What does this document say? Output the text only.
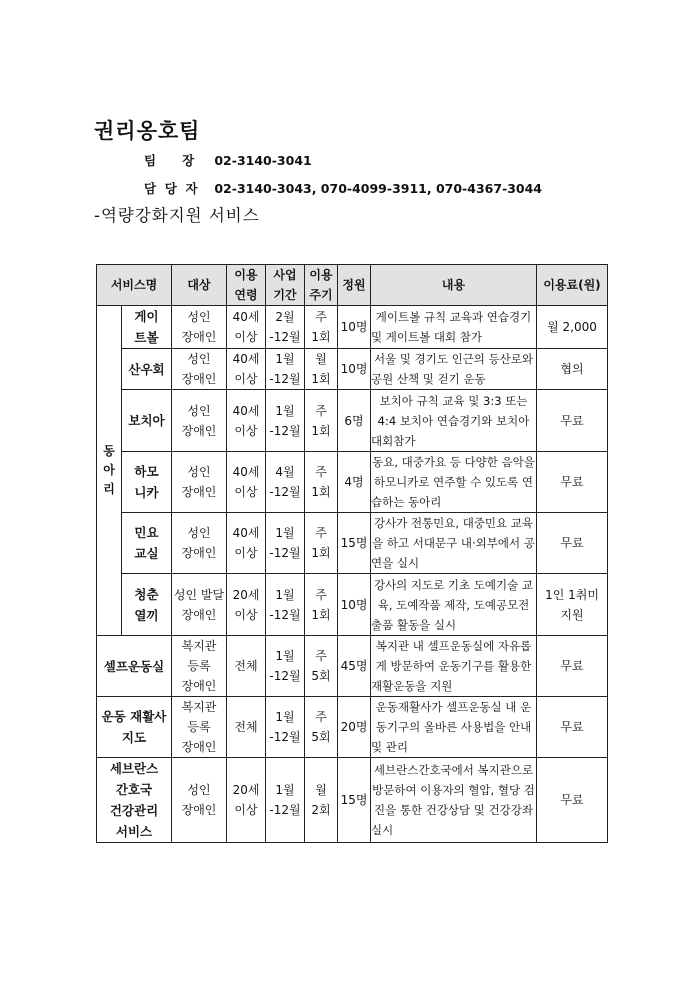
권리옹호팀
팀      장 02-3140-3041
담  당  자 02-3140-3043, 070-4099-3911, 070-4367-3044
-역량강화지원 서비스
서비스명		대상	이용 연령	사업 기간	이용 주기	정원	내용	이용료(원)
동 아 리	게이 트볼	성인 장애인	40세 이상	2월 -12월	주 1회	10명	게이트볼 규칙 교육과 연습경기 및 게이트볼 대회 참가	월 2,000
	산우회	성인 장애인	40세 이상	1월 -12월	월 1회	10명	서울 및 경기도 인근의 등산로와 공원 산책 및 걷기 운동	협의
	보치아	성인 장애인	40세 이상	1월 -12월	주 1회	6명	보치아 규칙 교육 및 3:3 또는 4:4 보치아 연습경기와 보치아 대회참가	무료
	하모 니카	성인 장애인	40세 이상	4월 -12월	주 1회	4명	동요, 대중가요 등 다양한 음악을 하모니카로 연주할 수 있도록 연습하는 동아리	무료
	민요 교실	성인 장애인	40세 이상	1월 -12월	주 1회	15명	강사가 전통민요, 대중민요 교육을 하고 서대문구 내·외부에서 공연을 실시	무료
	청춘 열끼	성인 발달 장애인	20세 이상	1월 -12월	주 1회	10명	강사의 지도로 기초 도예기술 교육, 도예작품 제작, 도예공모전 출품 활동을 실시	1인 1취미 지원
셀프운동실		복지관 등록 장애인	전체	1월 -12월	주 5회	45명	복지관 내 셀프운동실에 자유롭게 방문하여 운동기구를 활용한 재활운동을 지원	무료
운동 재활사 지도		복지관 등록 장애인	전체	1월 -12월	주 5회	20명	운동재활사가 셀프운동실 내 운동기구의 올바른 사용법을 안내 및 관리	무료
세브란스 간호국 건강관리 서비스		성인 장애인	20세 이상	1월 -12월	월 2회	15명	세브란스간호국에서 복지관으로 방문하여 이용자의 혈압, 혈당 검진을 통한 건강상담 및 건강강좌 실시	무료
